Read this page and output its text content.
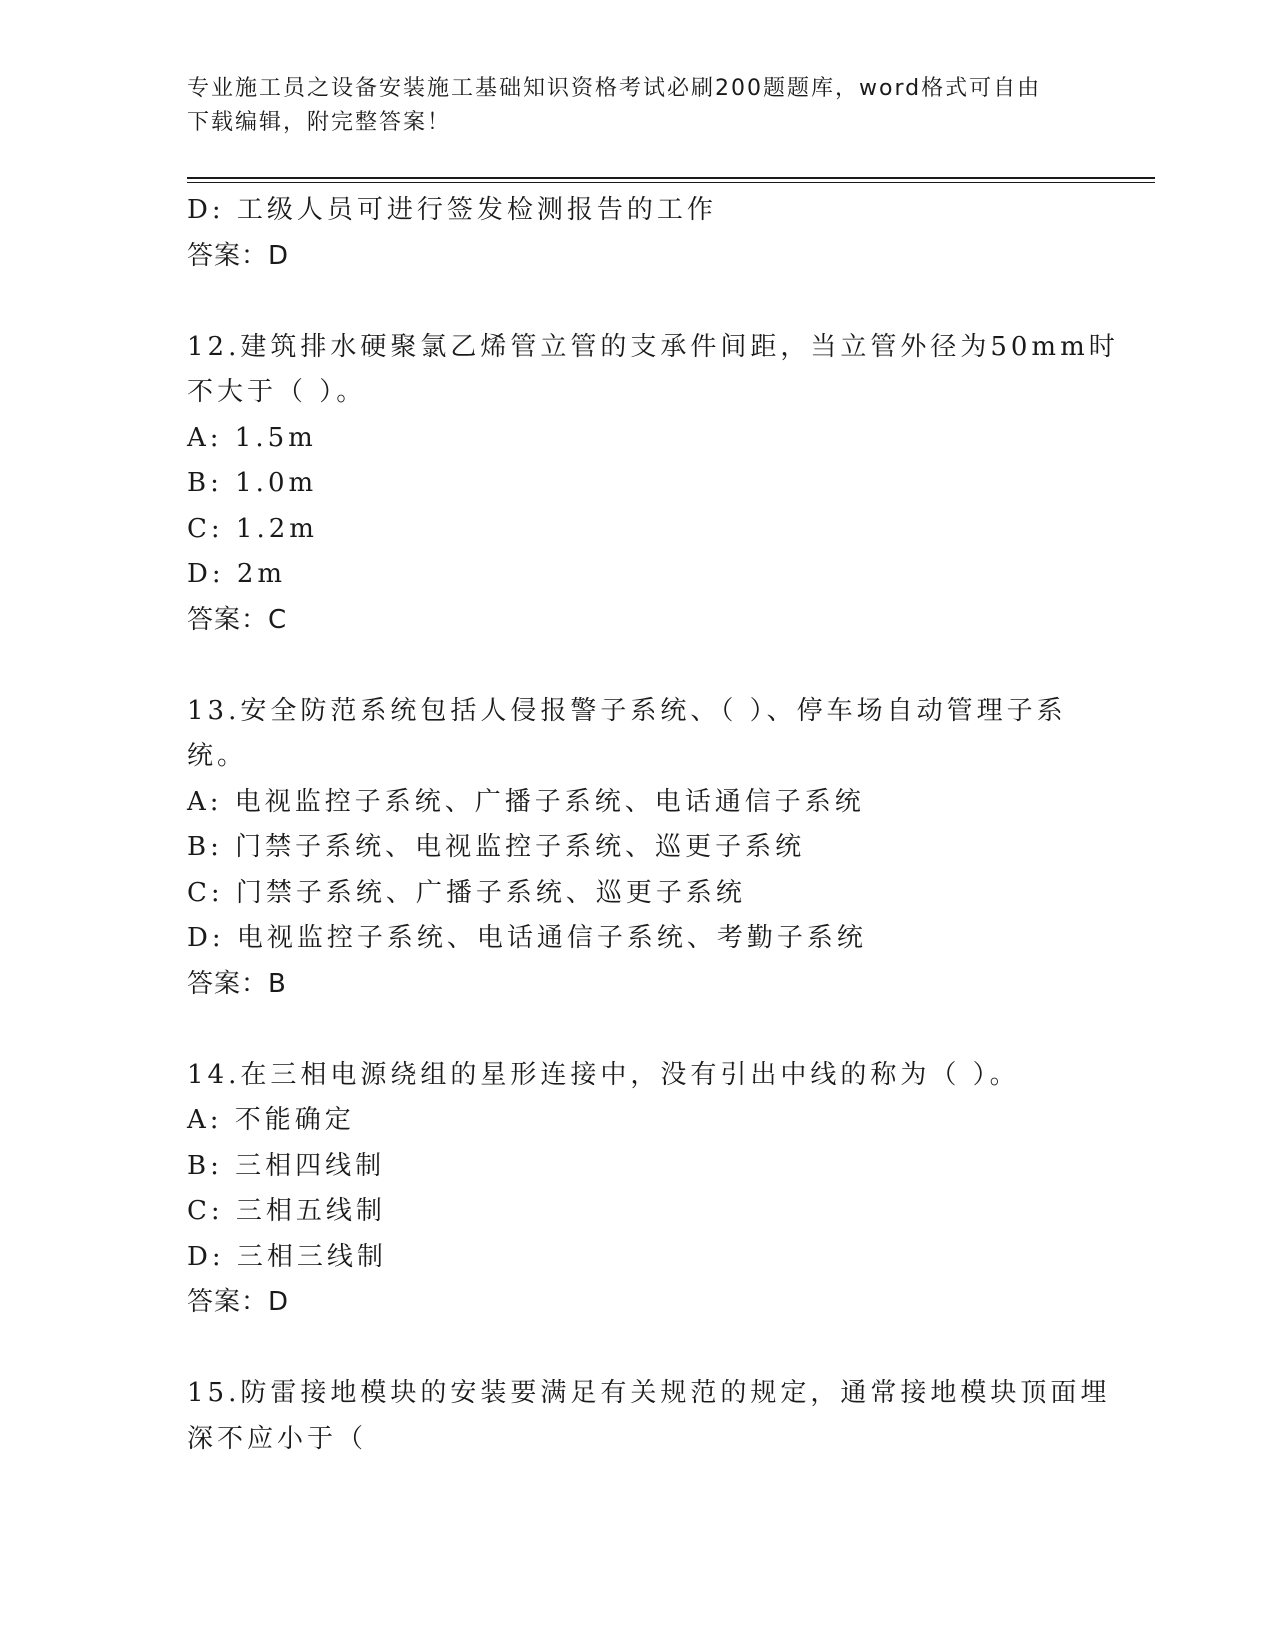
专业施工员之设备安装施工基础知识资格考试必刷200题题库，word格式可自由
下载编辑，附完整答案！
D: 工级人员可进行签发检测报告的工作
答案：D
12.建筑排水硬聚氯乙烯管立管的支承件间距，当立管外径为50mm时
不大于（ ）。
A: 1.5m
B: 1.0m
C: 1.2m
D: 2m
答案：C
13.安全防范系统包括人侵报警子系统、（ ）、停车场自动管理子系
统。
A: 电视监控子系统、广播子系统、电话通信子系统
B: 门禁子系统、电视监控子系统、巡更子系统
C: 门禁子系统、广播子系统、巡更子系统
D: 电视监控子系统、电话通信子系统、考勤子系统
答案：B
14.在三相电源绕组的星形连接中，没有引出中线的称为（ ）。
A: 不能确定
B: 三相四线制
C: 三相五线制
D: 三相三线制
答案：D
15.防雷接地模块的安装要满足有关规范的规定，通常接地模块顶面埋
深不应小于（
